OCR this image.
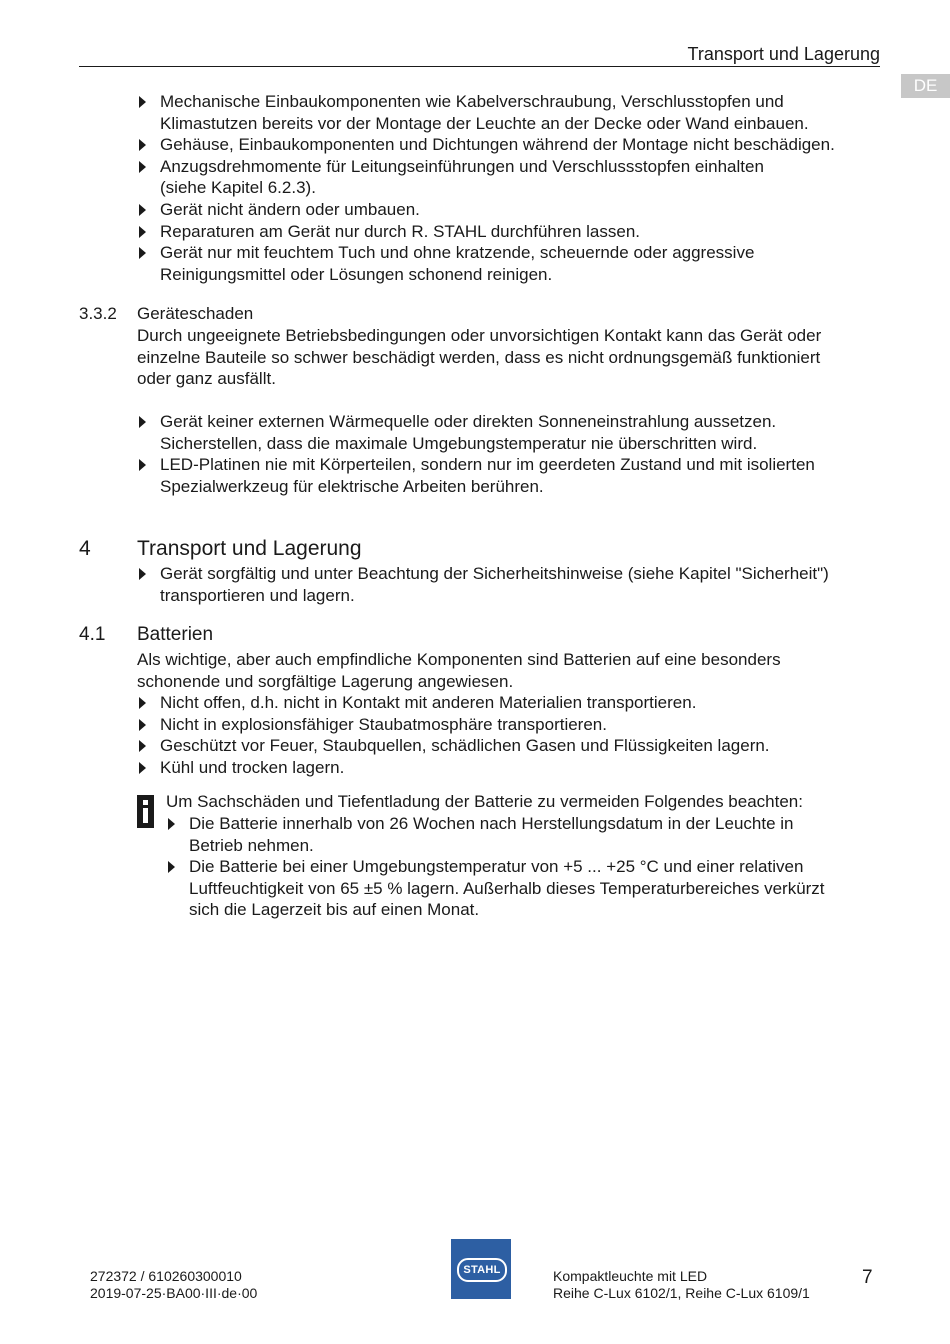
Transport und Lagerung
DE
Mechanische Einbaukomponenten wie Kabelverschraubung, Verschlusstopfen und
Klimastutzen bereits vor der Montage der Leuchte an der Decke oder Wand einbauen.
Gehäuse, Einbaukomponenten und Dichtungen während der Montage nicht beschädigen.
Anzugsdrehmomente für Leitungseinführungen und Verschlussstopfen einhalten
(siehe Kapitel 6.2.3).
Gerät nicht ändern oder umbauen.
Reparaturen am Gerät nur durch R. STAHL durchführen lassen.
Gerät nur mit feuchtem Tuch und ohne kratzende, scheuernde oder aggressive
Reinigungsmittel oder Lösungen schonend reinigen.
3.3.2 Geräteschaden
Durch ungeeignete Betriebsbedingungen oder unvorsichtigen Kontakt kann das Gerät oder
einzelne Bauteile so schwer beschädigt werden, dass es nicht ordnungsgemäß funktioniert
oder ganz ausfällt.
Gerät keiner externen Wärmequelle oder direkten Sonneneinstrahlung aussetzen.
Sicherstellen, dass die maximale Umgebungstemperatur nie überschritten wird.
LED-Platinen nie mit Körperteilen, sondern nur im geerdeten Zustand und mit isolierten
Spezialwerkzeug für elektrische Arbeiten berühren.
4 Transport und Lagerung
Gerät sorgfältig und unter Beachtung der Sicherheitshinweise (siehe Kapitel "Sicherheit")
transportieren und lagern.
4.1 Batterien
Als wichtige, aber auch empfindliche Komponenten sind Batterien auf eine besonders
schonende und sorgfältige Lagerung angewiesen.
Nicht offen, d.h. nicht in Kontakt mit anderen Materialien transportieren.
Nicht in explosionsfähiger Staubatmosphäre transportieren.
Geschützt vor Feuer, Staubquellen, schädlichen Gasen und Flüssigkeiten lagern.
Kühl und trocken lagern.
Um Sachschäden und Tiefentladung der Batterie zu vermeiden Folgendes beachten:
Die Batterie innerhalb von 26 Wochen nach Herstellungsdatum in der Leuchte in
Betrieb nehmen.
Die Batterie bei einer Umgebungstemperatur von +5 ... +25 °C und einer relativen
Luftfeuchtigkeit von 65 ±5 % lagern. Außerhalb dieses Temperaturbereiches verkürzt
sich die Lagerzeit bis auf einen Monat.
272372 / 610260300010
2019-07-25·BA00·III·de·00
STAHL	Kompaktleuchte mit LED
Reihe C-Lux 6102/1, Reihe C-Lux 6109/1
7
